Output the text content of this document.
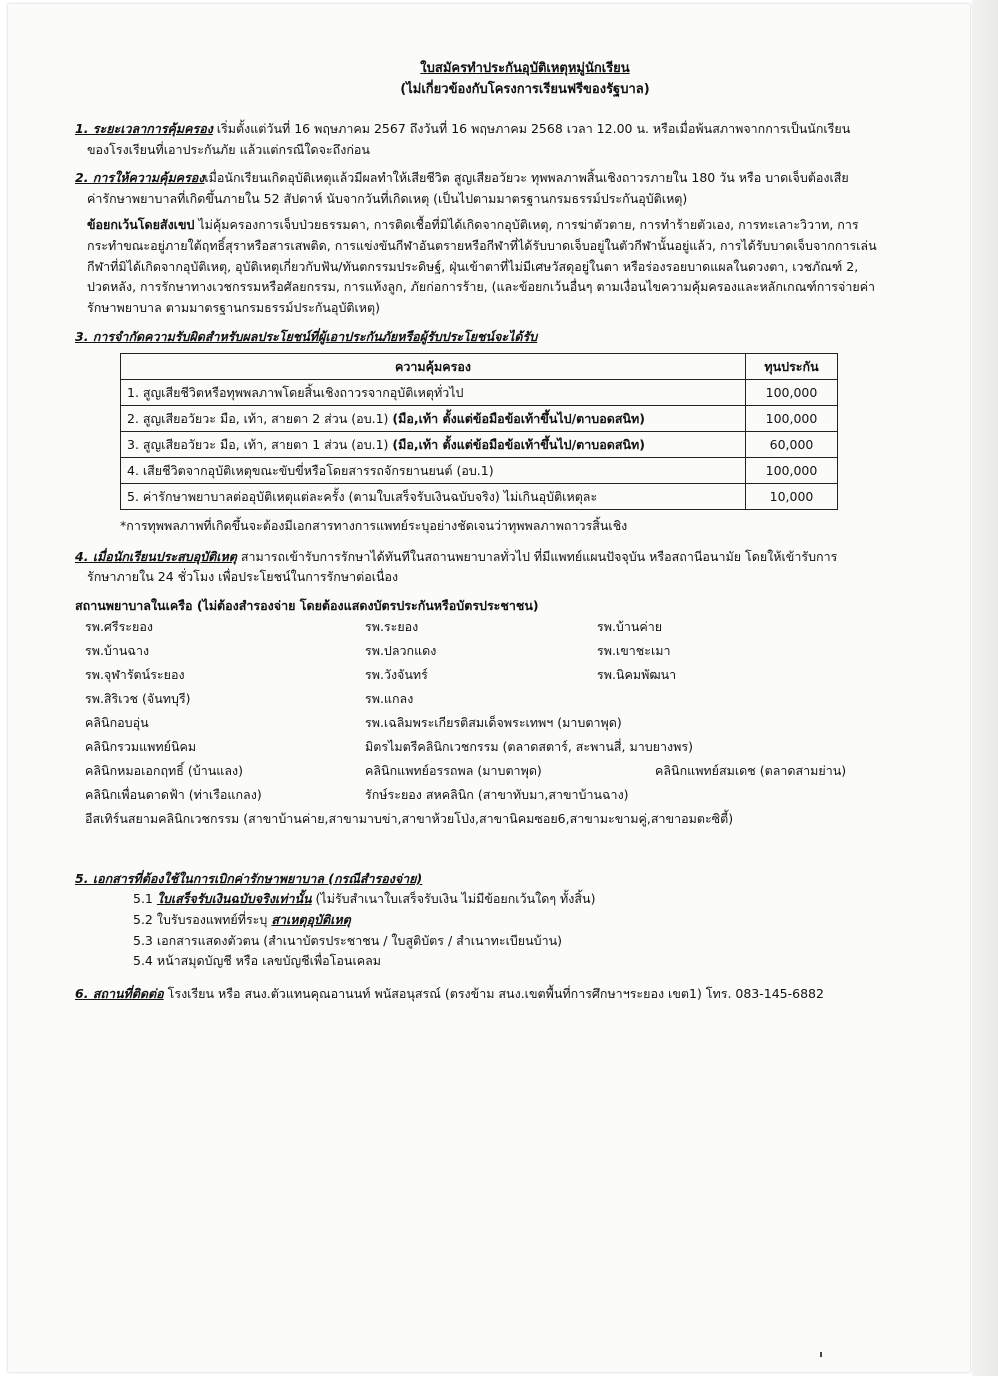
ใบสมัครทำประกันอุบัติเหตุหมู่นักเรียน
(ไม่เกี่ยวข้องกับโครงการเรียนฟรีของรัฐบาล)
1. ระยะเวลาการคุ้มครอง เริ่มตั้งแต่วันที่ 16 พฤษภาคม 2567 ถึงวันที่ 16 พฤษภาคม 2568 เวลา 12.00 น. หรือเมื่อพ้นสภาพจากการเป็นนักเรียน
ของโรงเรียนที่เอาประกันภัย แล้วแต่กรณีใดจะถึงก่อน
2. การให้ความคุ้มครองเมื่อนักเรียนเกิดอุบัติเหตุแล้วมีผลทำให้เสียชีวิต สูญเสียอวัยวะ ทุพพลภาพสิ้นเชิงถาวรภายใน 180 วัน หรือ บาดเจ็บต้องเสีย
ค่ารักษาพยาบาลที่เกิดขึ้นภายใน 52 สัปดาห์ นับจากวันที่เกิดเหตุ (เป็นไปตามมาตรฐานกรมธรรม์ประกันอุบัติเหตุ)
ข้อยกเว้นโดยสังเขป ไม่คุ้มครองการเจ็บป่วยธรรมดา, การติดเชื้อที่มิได้เกิดจากอุบัติเหตุ, การฆ่าตัวตาย, การทำร้ายตัวเอง, การทะเลาะวิวาท, การ
กระทำขณะอยู่ภายใต้ฤทธิ์สุราหรือสารเสพติด, การแข่งขันกีฬาอันตรายหรือกีฬาที่ได้รับบาดเจ็บอยู่ในตัวกีฬานั้นอยู่แล้ว, การได้รับบาดเจ็บจากการเล่น
กีฬาที่มิได้เกิดจากอุบัติเหตุ, อุบัติเหตุเกี่ยวกับฟัน/ทันตกรรมประดิษฐ์, ฝุ่นเข้าตาที่ไม่มีเศษวัสดุอยู่ในตา หรือร่องรอยบาดแผลในดวงตา, เวชภัณฑ์ 2,
ปวดหลัง, การรักษาทางเวชกรรมหรือศัลยกรรม, การแท้งลูก, ภัยก่อการร้าย, (และข้อยกเว้นอื่นๆ ตามเงื่อนไขความคุ้มครองและหลักเกณฑ์การจ่ายค่า
รักษาพยาบาล ตามมาตรฐานกรมธรรม์ประกันอุบัติเหตุ)
3. การจำกัดความรับผิดสำหรับผลประโยชน์ที่ผู้เอาประกันภัยหรือผู้รับประโยชน์จะได้รับ
ความคุ้มครอง	ทุนประกัน
1. สูญเสียชีวิตหรือทุพพลภาพโดยสิ้นเชิงถาวรจากอุบัติเหตุทั่วไป	100,000
2. สูญเสียอวัยวะ มือ, เท้า, สายตา 2 ส่วน (อบ.1) (มือ,เท้า ตั้งแต่ข้อมือข้อเท้าขึ้นไป/ตาบอดสนิท)	100,000
3. สูญเสียอวัยวะ มือ, เท้า, สายตา 1 ส่วน (อบ.1) (มือ,เท้า ตั้งแต่ข้อมือข้อเท้าขึ้นไป/ตาบอดสนิท)	60,000
4. เสียชีวิตจากอุบัติเหตุขณะขับขี่หรือโดยสารรถจักรยานยนต์ (อบ.1)	100,000
5. ค่ารักษาพยาบาลต่ออุบัติเหตุแต่ละครั้ง (ตามใบเสร็จรับเงินฉบับจริง) ไม่เกินอุบัติเหตุละ	10,000
*การทุพพลภาพที่เกิดขึ้นจะต้องมีเอกสารทางการแพทย์ระบุอย่างชัดเจนว่าทุพพลภาพถาวรสิ้นเชิง
4. เมื่อนักเรียนประสบอุบัติเหตุ สามารถเข้ารับการรักษาได้ทันทีในสถานพยาบาลทั่วไป ที่มีแพทย์แผนปัจจุบัน หรือสถานีอนามัย โดยให้เข้ารับการ
รักษาภายใน 24 ชั่วโมง เพื่อประโยชน์ในการรักษาต่อเนื่อง
สถานพยาบาลในเครือ (ไม่ต้องสำรองจ่าย โดยต้องแสดงบัตรประกันหรือบัตรประชาชน)
รพ.ศรีระยอง	รพ.ระยอง	รพ.บ้านค่าย
รพ.บ้านฉาง	รพ.ปลวกแดง	รพ.เขาชะเมา
รพ.จุฬารัตน์ระยอง	รพ.วังจันทร์	รพ.นิคมพัฒนา
รพ.สิริเวช (จันทบุรี)	รพ.แกลง
คลินิกอบอุ่น	รพ.เฉลิมพระเกียรติสมเด็จพระเทพฯ (มาบตาพุด)
คลินิกรวมแพทย์นิคม	มิตรไมตรีคลินิกเวชกรรม (ตลาดสตาร์, สะพานสี่, มาบยางพร)
คลินิกหมอเอกฤทธิ์ (บ้านแลง)	คลินิกแพทย์อรรถพล (มาบตาพุด)	คลินิกแพทย์สมเดช (ตลาดสามย่าน)
คลินิกเพื่อนดาดฟ้า (ท่าเรือแกลง)	รักษ์ระยอง สหคลินิก (สาขาทับมา,สาขาบ้านฉาง)
อีสเทิร์นสยามคลินิกเวชกรรม (สาขาบ้านค่าย,สาขามาบข่า,สาขาห้วยโป่ง,สาขานิคมซอย6,สาขามะขามคู่,สาขาอมตะซิตี้)
5. เอกสารที่ต้องใช้ในการเบิกค่ารักษาพยาบาล (กรณีสำรองจ่าย)
5.1 ใบเสร็จรับเงินฉบับจริงเท่านั้น (ไม่รับสำเนาใบเสร็จรับเงิน ไม่มีข้อยกเว้นใดๆ ทั้งสิ้น)
5.2 ใบรับรองแพทย์ที่ระบุ สาเหตุอุบัติเหตุ
5.3 เอกสารแสดงตัวตน (สำเนาบัตรประชาชน / ใบสูติบัตร / สำเนาทะเบียนบ้าน)
5.4 หน้าสมุดบัญชี หรือ เลขบัญชีเพื่อโอนเคลม
6. สถานที่ติดต่อ โรงเรียน หรือ สนง.ตัวแทนคุณอานนท์ พนัสอนุสรณ์ (ตรงข้าม สนง.เขตพื้นที่การศึกษาฯระยอง เขต1) โทร. 083-145-6882
